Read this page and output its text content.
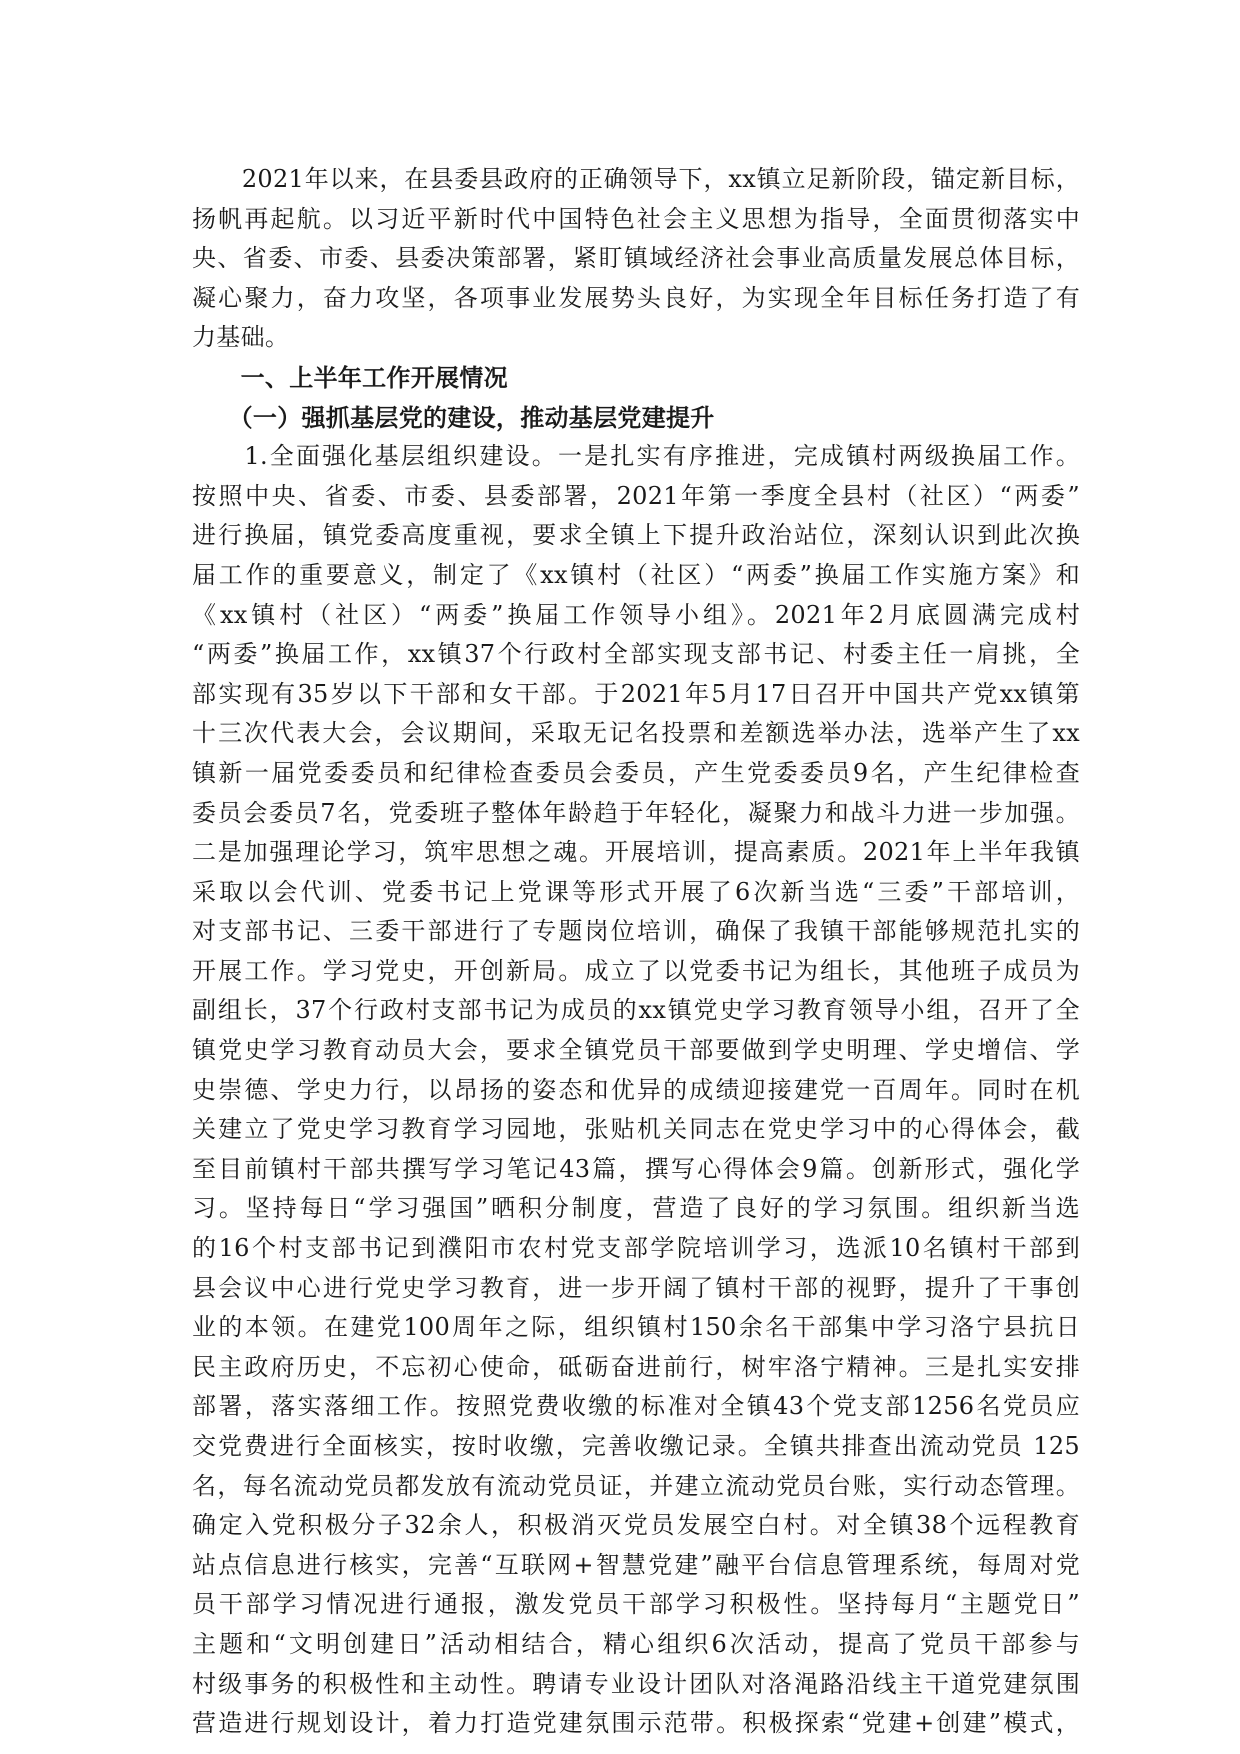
　　2021年以来，在县委县政府的正确领导下，xx镇立足新阶段，锚定新目标，
扬帆再起航。以习近平新时代中国特色社会主义思想为指导，全面贯彻落实中
央、省委、市委、县委决策部署，紧盯镇域经济社会事业高质量发展总体目标，
凝心聚力，奋力攻坚，各项事业发展势头良好，为实现全年目标任务打造了有
力基础。

　　一、上半年工作开展情况
　　（一）强抓基层党的建设，推动基层党建提升

　　1.全面强化基层组织建设。一是扎实有序推进，完成镇村两级换届工作。
按照中央、省委、市委、县委部署，2021年第一季度全县村（社区）“两委”
进行换届，镇党委高度重视，要求全镇上下提升政治站位，深刻认识到此次换
届工作的重要意义，制定了《xx镇村（社区）“两委”换届工作实施方案》和
《xx镇村（社区）“两委”换届工作领导小组》。2021年2月底圆满完成村
“两委”换届工作，xx镇37个行政村全部实现支部书记、村委主任一肩挑，全
部实现有35岁以下干部和女干部。于2021年5月17日召开中国共产党xx镇第
十三次代表大会，会议期间，采取无记名投票和差额选举办法，选举产生了xx
镇新一届党委委员和纪律检查委员会委员，产生党委委员9名，产生纪律检查
委员会委员7名，党委班子整体年龄趋于年轻化，凝聚力和战斗力进一步加强。
二是加强理论学习，筑牢思想之魂。开展培训，提高素质。2021年上半年我镇
采取以会代训、党委书记上党课等形式开展了6次新当选“三委”干部培训，
对支部书记、三委干部进行了专题岗位培训，确保了我镇干部能够规范扎实的
开展工作。学习党史，开创新局。成立了以党委书记为组长，其他班子成员为
副组长，37个行政村支部书记为成员的xx镇党史学习教育领导小组，召开了全
镇党史学习教育动员大会，要求全镇党员干部要做到学史明理、学史增信、学
史崇德、学史力行，以昂扬的姿态和优异的成绩迎接建党一百周年。同时在机
关建立了党史学习教育学习园地，张贴机关同志在党史学习中的心得体会，截
至目前镇村干部共撰写学习笔记43篇，撰写心得体会9篇。创新形式，强化学
习。坚持每日“学习强国”晒积分制度，营造了良好的学习氛围。组织新当选
的16个村支部书记到濮阳市农村党支部学院培训学习，选派10名镇村干部到
县会议中心进行党史学习教育，进一步开阔了镇村干部的视野，提升了干事创
业的本领。在建党100周年之际，组织镇村150余名干部集中学习洛宁县抗日
民主政府历史，不忘初心使命，砥砺奋进前行，树牢洛宁精神。三是扎实安排
部署，落实落细工作。按照党费收缴的标准对全镇43个党支部1256名党员应
交党费进行全面核实，按时收缴，完善收缴记录。全镇共排查出流动党员 125
名，每名流动党员都发放有流动党员证，并建立流动党员台账，实行动态管理。
确定入党积极分子32余人，积极消灭党员发展空白村。对全镇38个远程教育
站点信息进行核实，完善“互联网+智慧党建”融平台信息管理系统，每周对党
员干部学习情况进行通报，激发党员干部学习积极性。坚持每月“主题党日”
主题和“文明创建日”活动相结合，精心组织6次活动，提高了党员干部参与
村级事务的积极性和主动性。聘请专业设计团队对洛渑路沿线主干道党建氛围
营造进行规划设计，着力打造党建氛围示范带。积极探索“党建+创建”模式，
